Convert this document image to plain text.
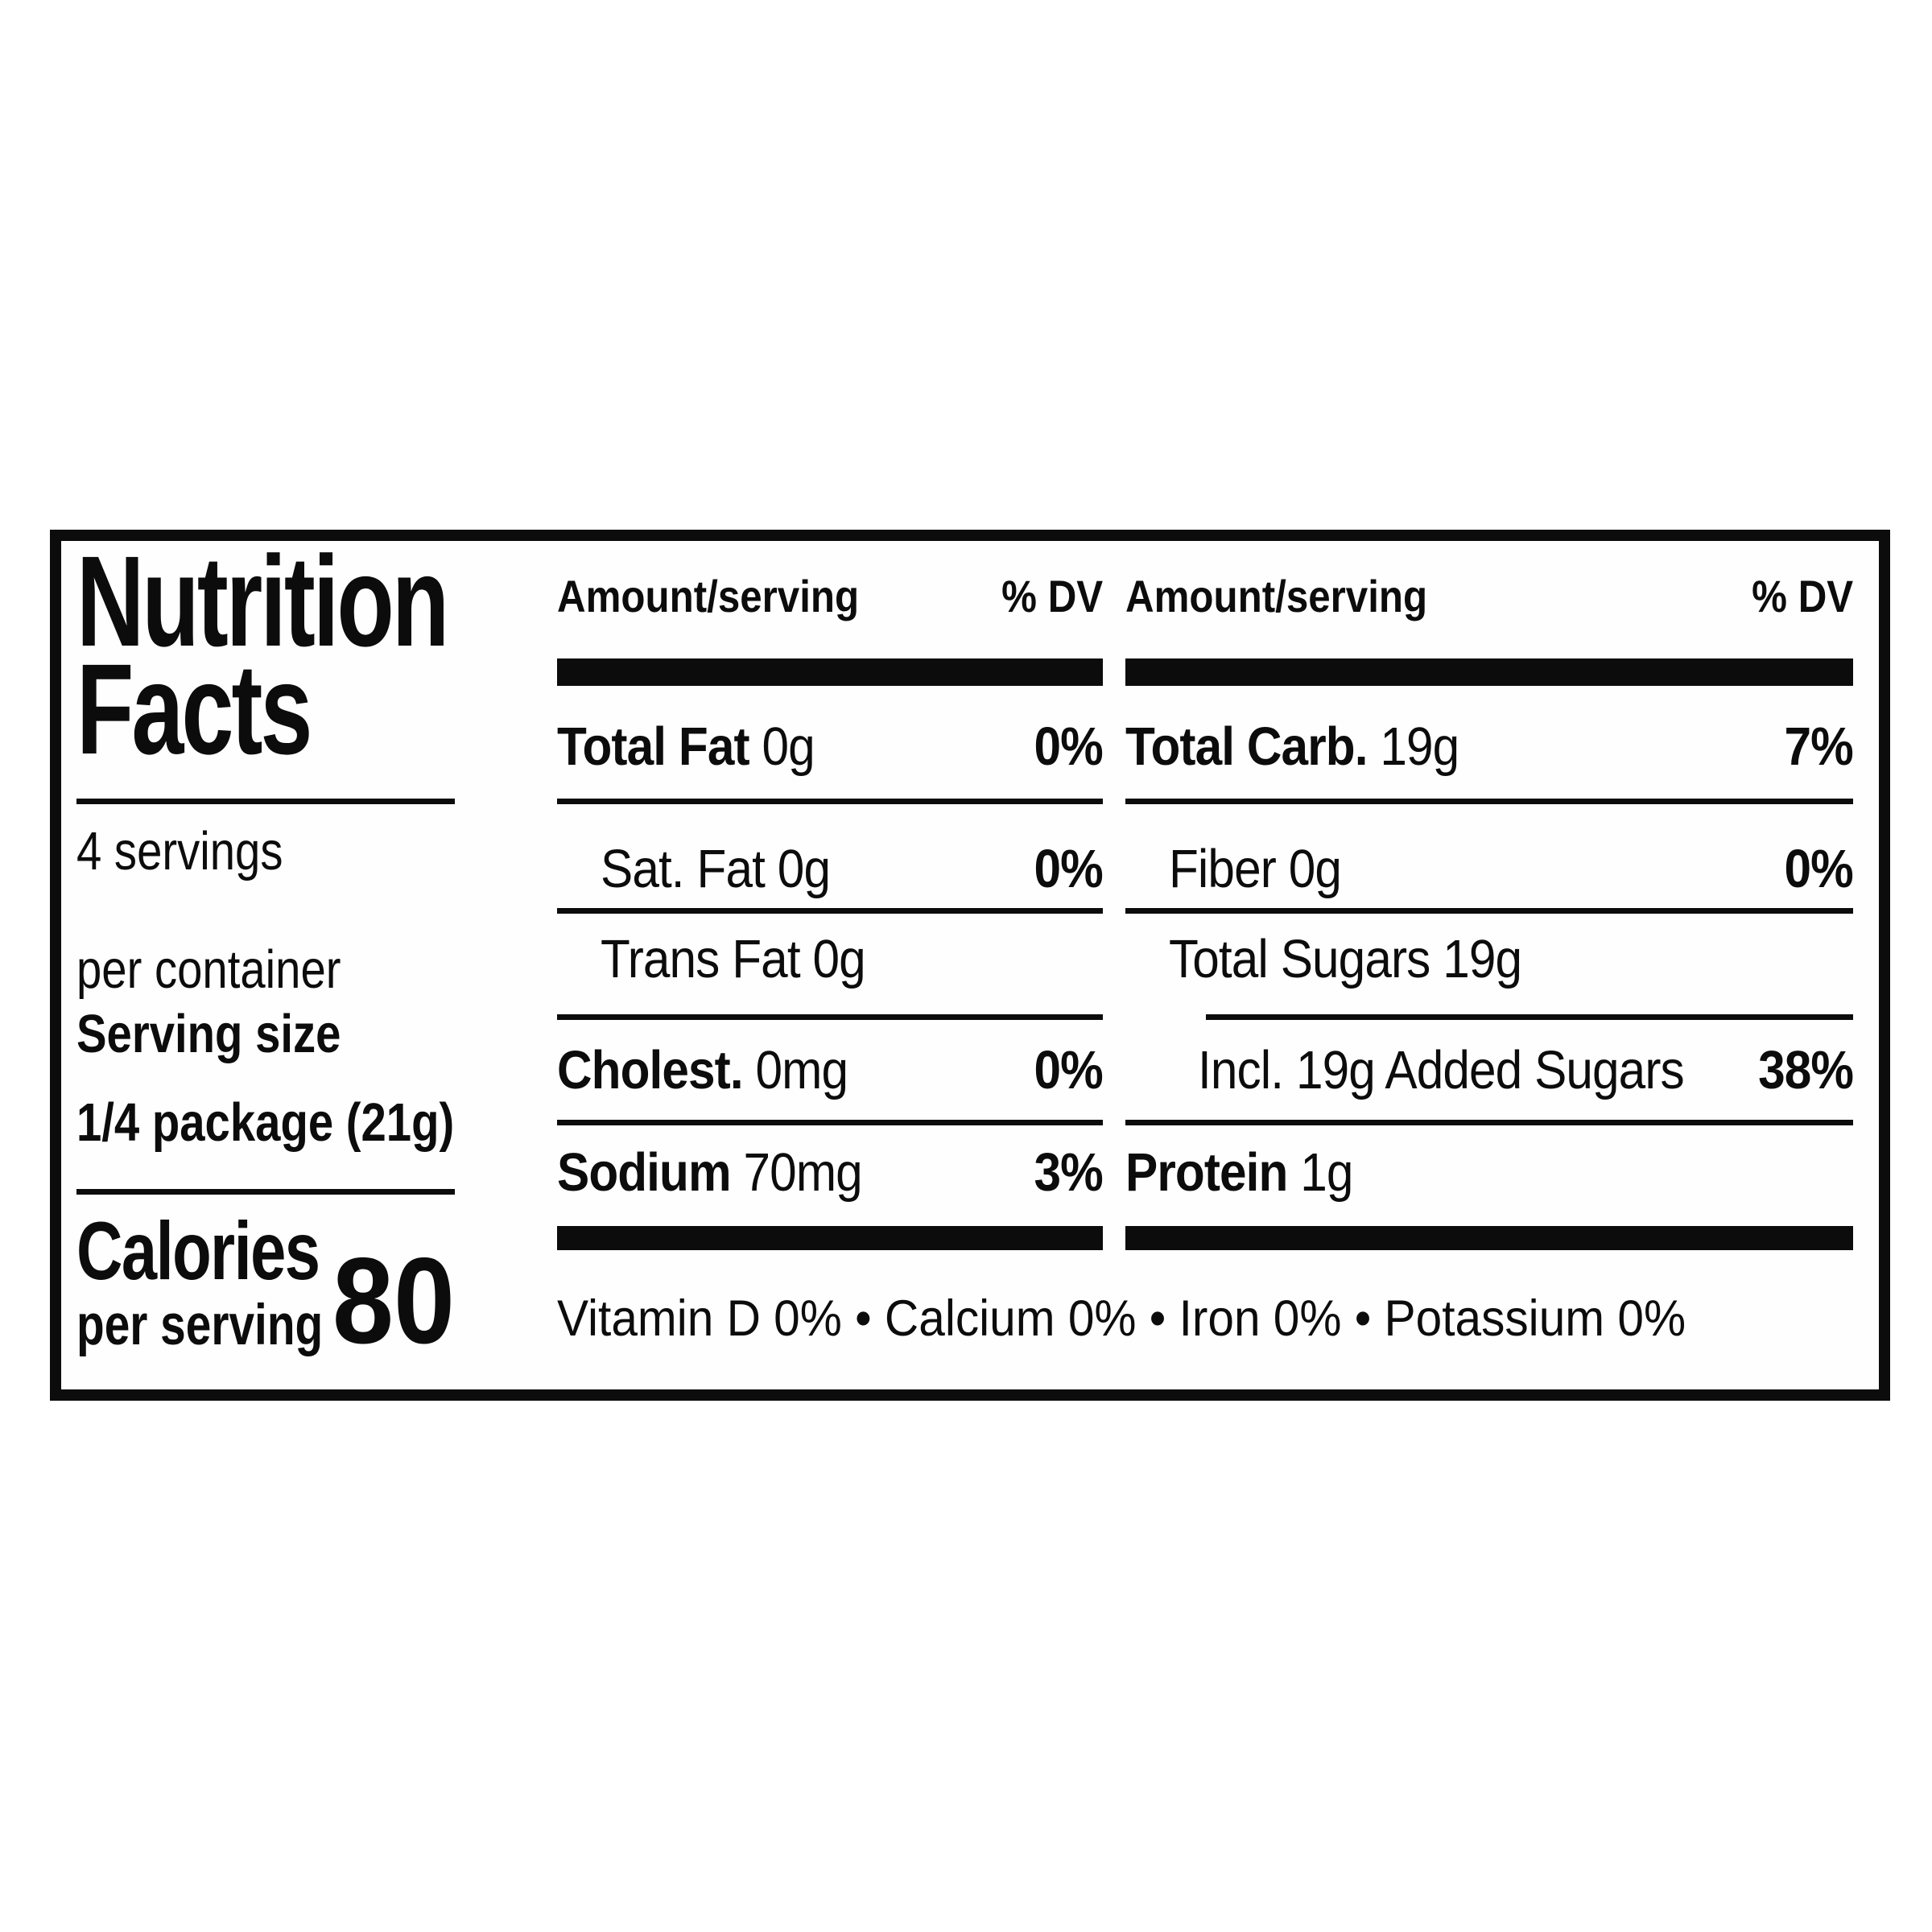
Nutrition
Facts
4 servings
per container
Serving size
1/4 package (21g)
Calories
per serving 80
Amount/serving	% DV
Total Fat 0g	0%
Sat. Fat 0g	0%
Trans Fat 0g
Cholest. 0mg	0%
Sodium 70mg	3%
Amount/serving	% DV
Total Carb. 19g	7%
Fiber 0g	0%
Total Sugars 19g
Incl. 19g Added Sugars 38%
Protein 1g
Vitamin D 0% • Calcium 0% • Iron 0% • Potassium 0%
